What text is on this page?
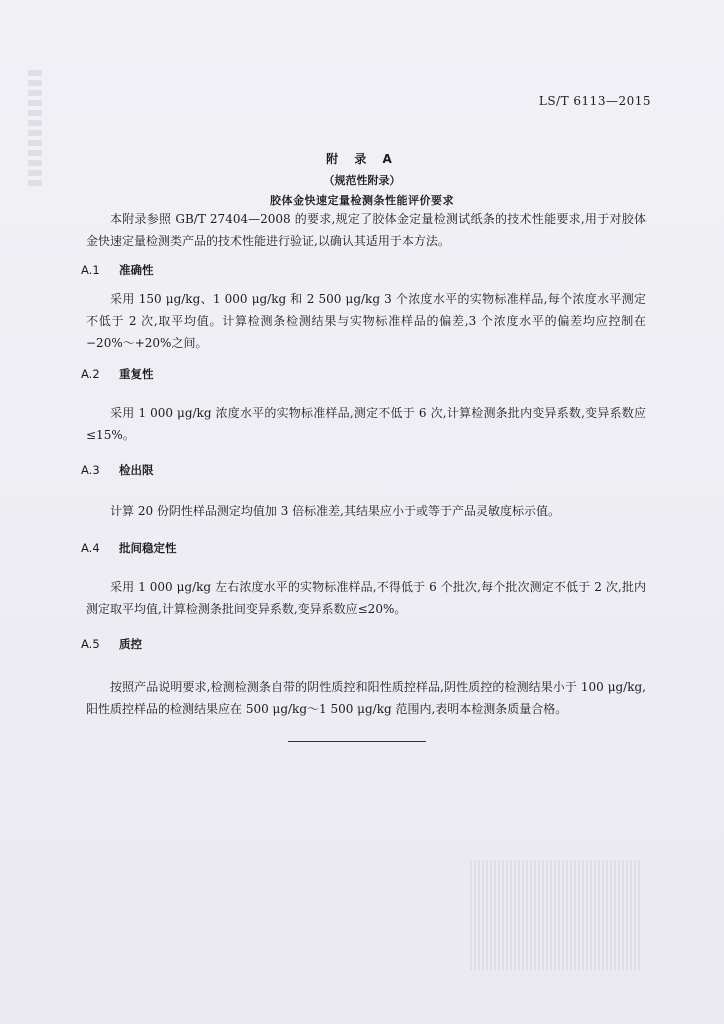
LS/T 6113—2015
附 录 A
（规范性附录）
胶体金快速定量检测条性能评价要求

本附录参照 GB/T 27404—2008 的要求,规定了胶体金定量检测试纸条的技术性能要求,用于对胶体金快速定量检测类产品的技术性能进行验证,以确认其适用于本方法。

A.1 准确性

采用 150 μg/kg、1 000 μg/kg 和 2 500 μg/kg 3 个浓度水平的实物标准样品,每个浓度水平测定不低于 2 次,取平均值。计算检测条检测结果与实物标准样品的偏差,3 个浓度水平的偏差均应控制在 −20%～+20%之间。

A.2 重复性

采用 1 000 μg/kg 浓度水平的实物标准样品,测定不低于 6 次,计算检测条批内变异系数,变异系数应≤15%。

A.3 检出限

计算 20 份阴性样品测定均值加 3 倍标准差,其结果应小于或等于产品灵敏度标示值。

A.4 批间稳定性

采用 1 000 μg/kg 左右浓度水平的实物标准样品,不得低于 6 个批次,每个批次测定不低于 2 次,批内测定取平均值,计算检测条批间变异系数,变异系数应≤20%。

A.5 质控

按照产品说明要求,检测检测条自带的阴性质控和阳性质控样品,阴性质控的检测结果小于 100 μg/kg,阳性质控样品的检测结果应在 500 μg/kg～1 500 μg/kg 范围内,表明本检测条质量合格。
